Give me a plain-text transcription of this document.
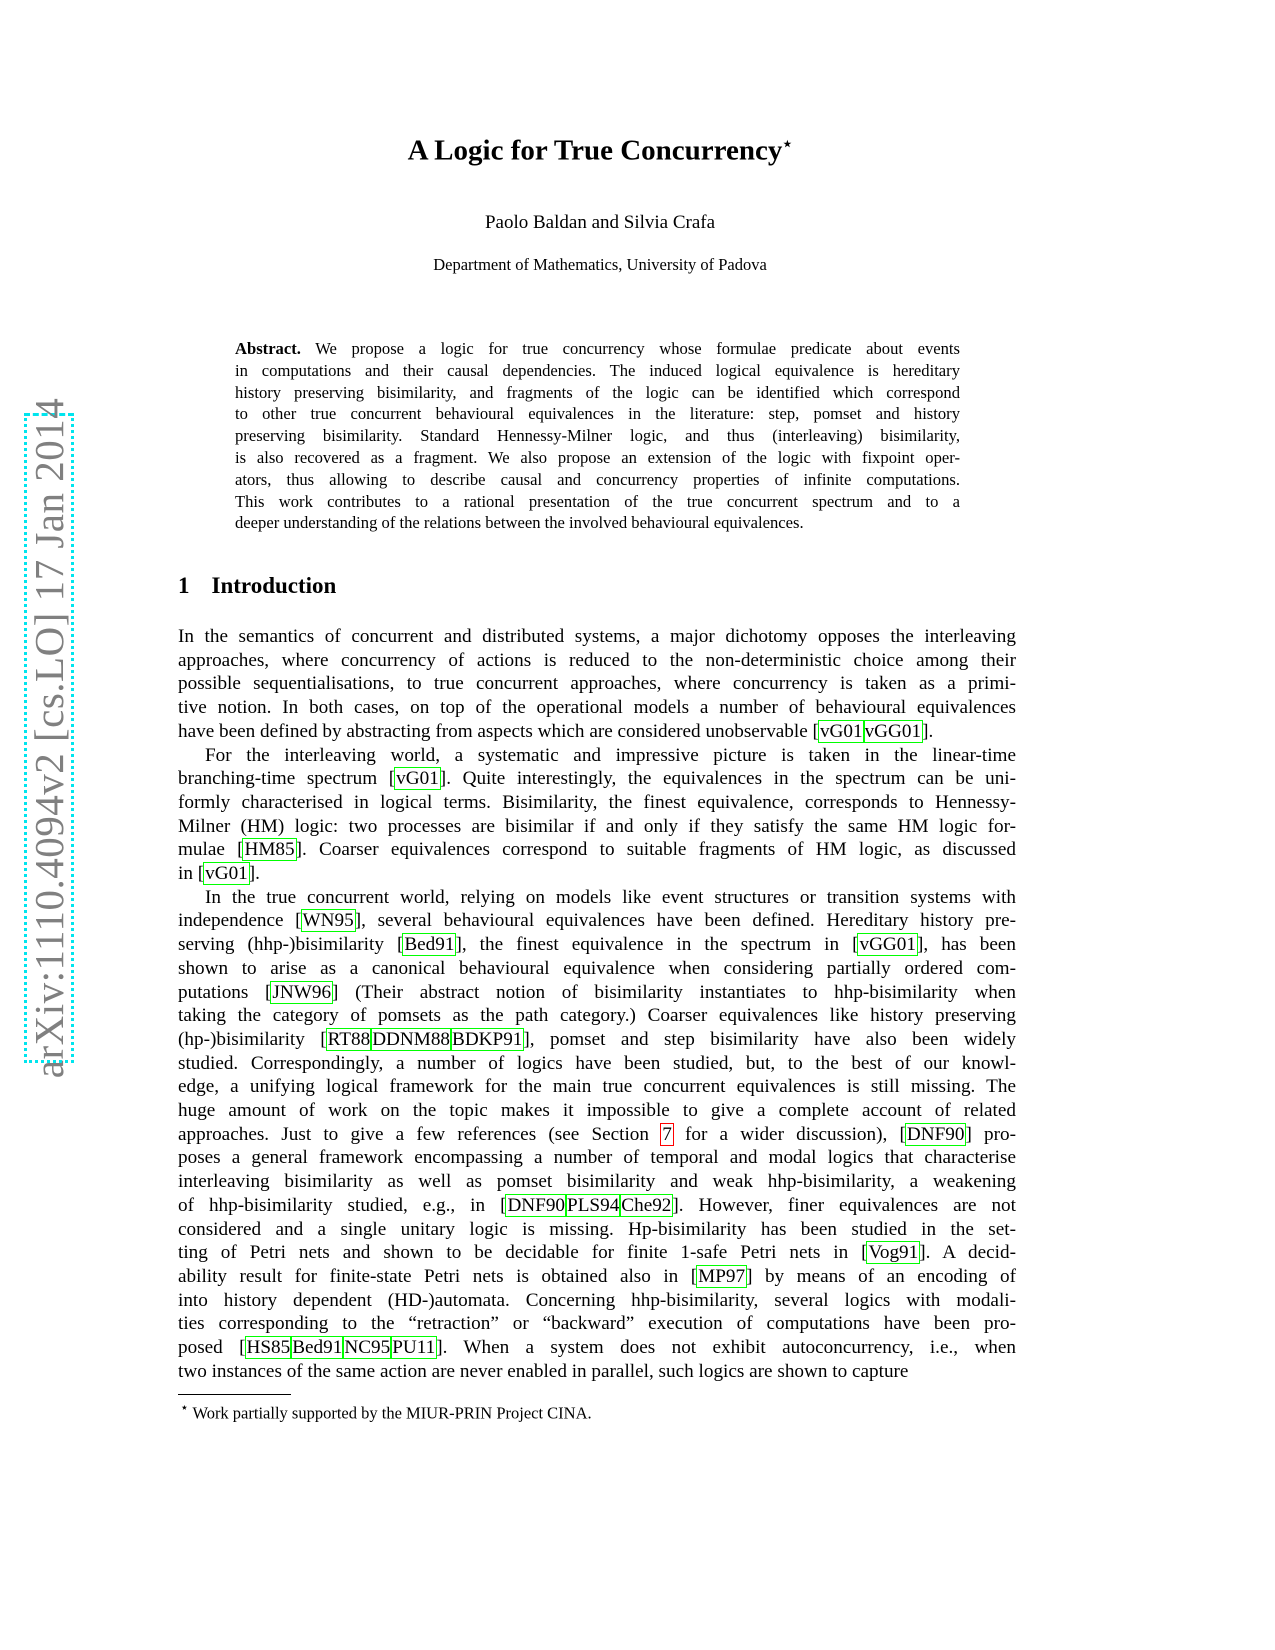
arXiv:1110.4094v2 [cs.LO] 17 Jan 2014
A Logic for True Concurrency⋆
Paolo Baldan and Silvia Crafa
Department of Mathematics, University of Padova
Abstract. We propose a logic for true concurrency whose formulae predicate about events
in computations and their causal dependencies. The induced logical equivalence is hereditary
history preserving bisimilarity, and fragments of the logic can be identified which correspond
to other true concurrent behavioural equivalences in the literature: step, pomset and history
preserving bisimilarity. Standard Hennessy-Milner logic, and thus (interleaving) bisimilarity,
is also recovered as a fragment. We also propose an extension of the logic with fixpoint oper-
ators, thus allowing to describe causal and concurrency properties of infinite computations.
This work contributes to a rational presentation of the true concurrent spectrum and to a
deeper understanding of the relations between the involved behavioural equivalences.
1 Introduction
In the semantics of concurrent and distributed systems, a major dichotomy opposes the interleaving
approaches, where concurrency of actions is reduced to the non-deterministic choice among their
possible sequentialisations, to true concurrent approaches, where concurrency is taken as a primi-
tive notion. In both cases, on top of the operational models a number of behavioural equivalences
have been defined by abstracting from aspects which are considered unobservable [vG01 vGG01].
For the interleaving world, a systematic and impressive picture is taken in the linear-time
branching-time spectrum [vG01]. Quite interestingly, the equivalences in the spectrum can be uni-
formly characterised in logical terms. Bisimilarity, the finest equivalence, corresponds to Hennessy-
Milner (HM) logic: two processes are bisimilar if and only if they satisfy the same HM logic for-
mulae [HM85]. Coarser equivalences correspond to suitable fragments of HM logic, as discussed
in [vG01].
In the true concurrent world, relying on models like event structures or transition systems with
independence [WN95], several behavioural equivalences have been defined. Hereditary history pre-
serving (hhp-)bisimilarity [Bed91], the finest equivalence in the spectrum in [vGG01], has been
shown to arise as a canonical behavioural equivalence when considering partially ordered com-
putations [JNW96] (Their abstract notion of bisimilarity instantiates to hhp-bisimilarity when
taking the category of pomsets as the path category.) Coarser equivalences like history preserving
(hp-)bisimilarity [RT88 DDNM88 BDKP91], pomset and step bisimilarity have also been widely
studied. Correspondingly, a number of logics have been studied, but, to the best of our knowl-
edge, a unifying logical framework for the main true concurrent equivalences is still missing. The
huge amount of work on the topic makes it impossible to give a complete account of related
approaches. Just to give a few references (see Section 7 for a wider discussion), [DNF90] pro-
poses a general framework encompassing a number of temporal and modal logics that characterise
interleaving bisimilarity as well as pomset bisimilarity and weak hhp-bisimilarity, a weakening
of hhp-bisimilarity studied, e.g., in [DNF90 PLS94 Che92]. However, finer equivalences are not
considered and a single unitary logic is missing. Hp-bisimilarity has been studied in the set-
ting of Petri nets and shown to be decidable for finite 1-safe Petri nets in [Vog91]. A decid-
ability result for finite-state Petri nets is obtained also in [MP97] by means of an encoding of
into history dependent (HD-)automata. Concerning hhp-bisimilarity, several logics with modali-
ties corresponding to the “retraction” or “backward” execution of computations have been pro-
posed [HS85 Bed91 NC95 PU11]. When a system does not exhibit autoconcurrency, i.e., when
two instances of the same action are never enabled in parallel, such logics are shown to capture
⋆ Work partially supported by the MIUR-PRIN Project CINA.
